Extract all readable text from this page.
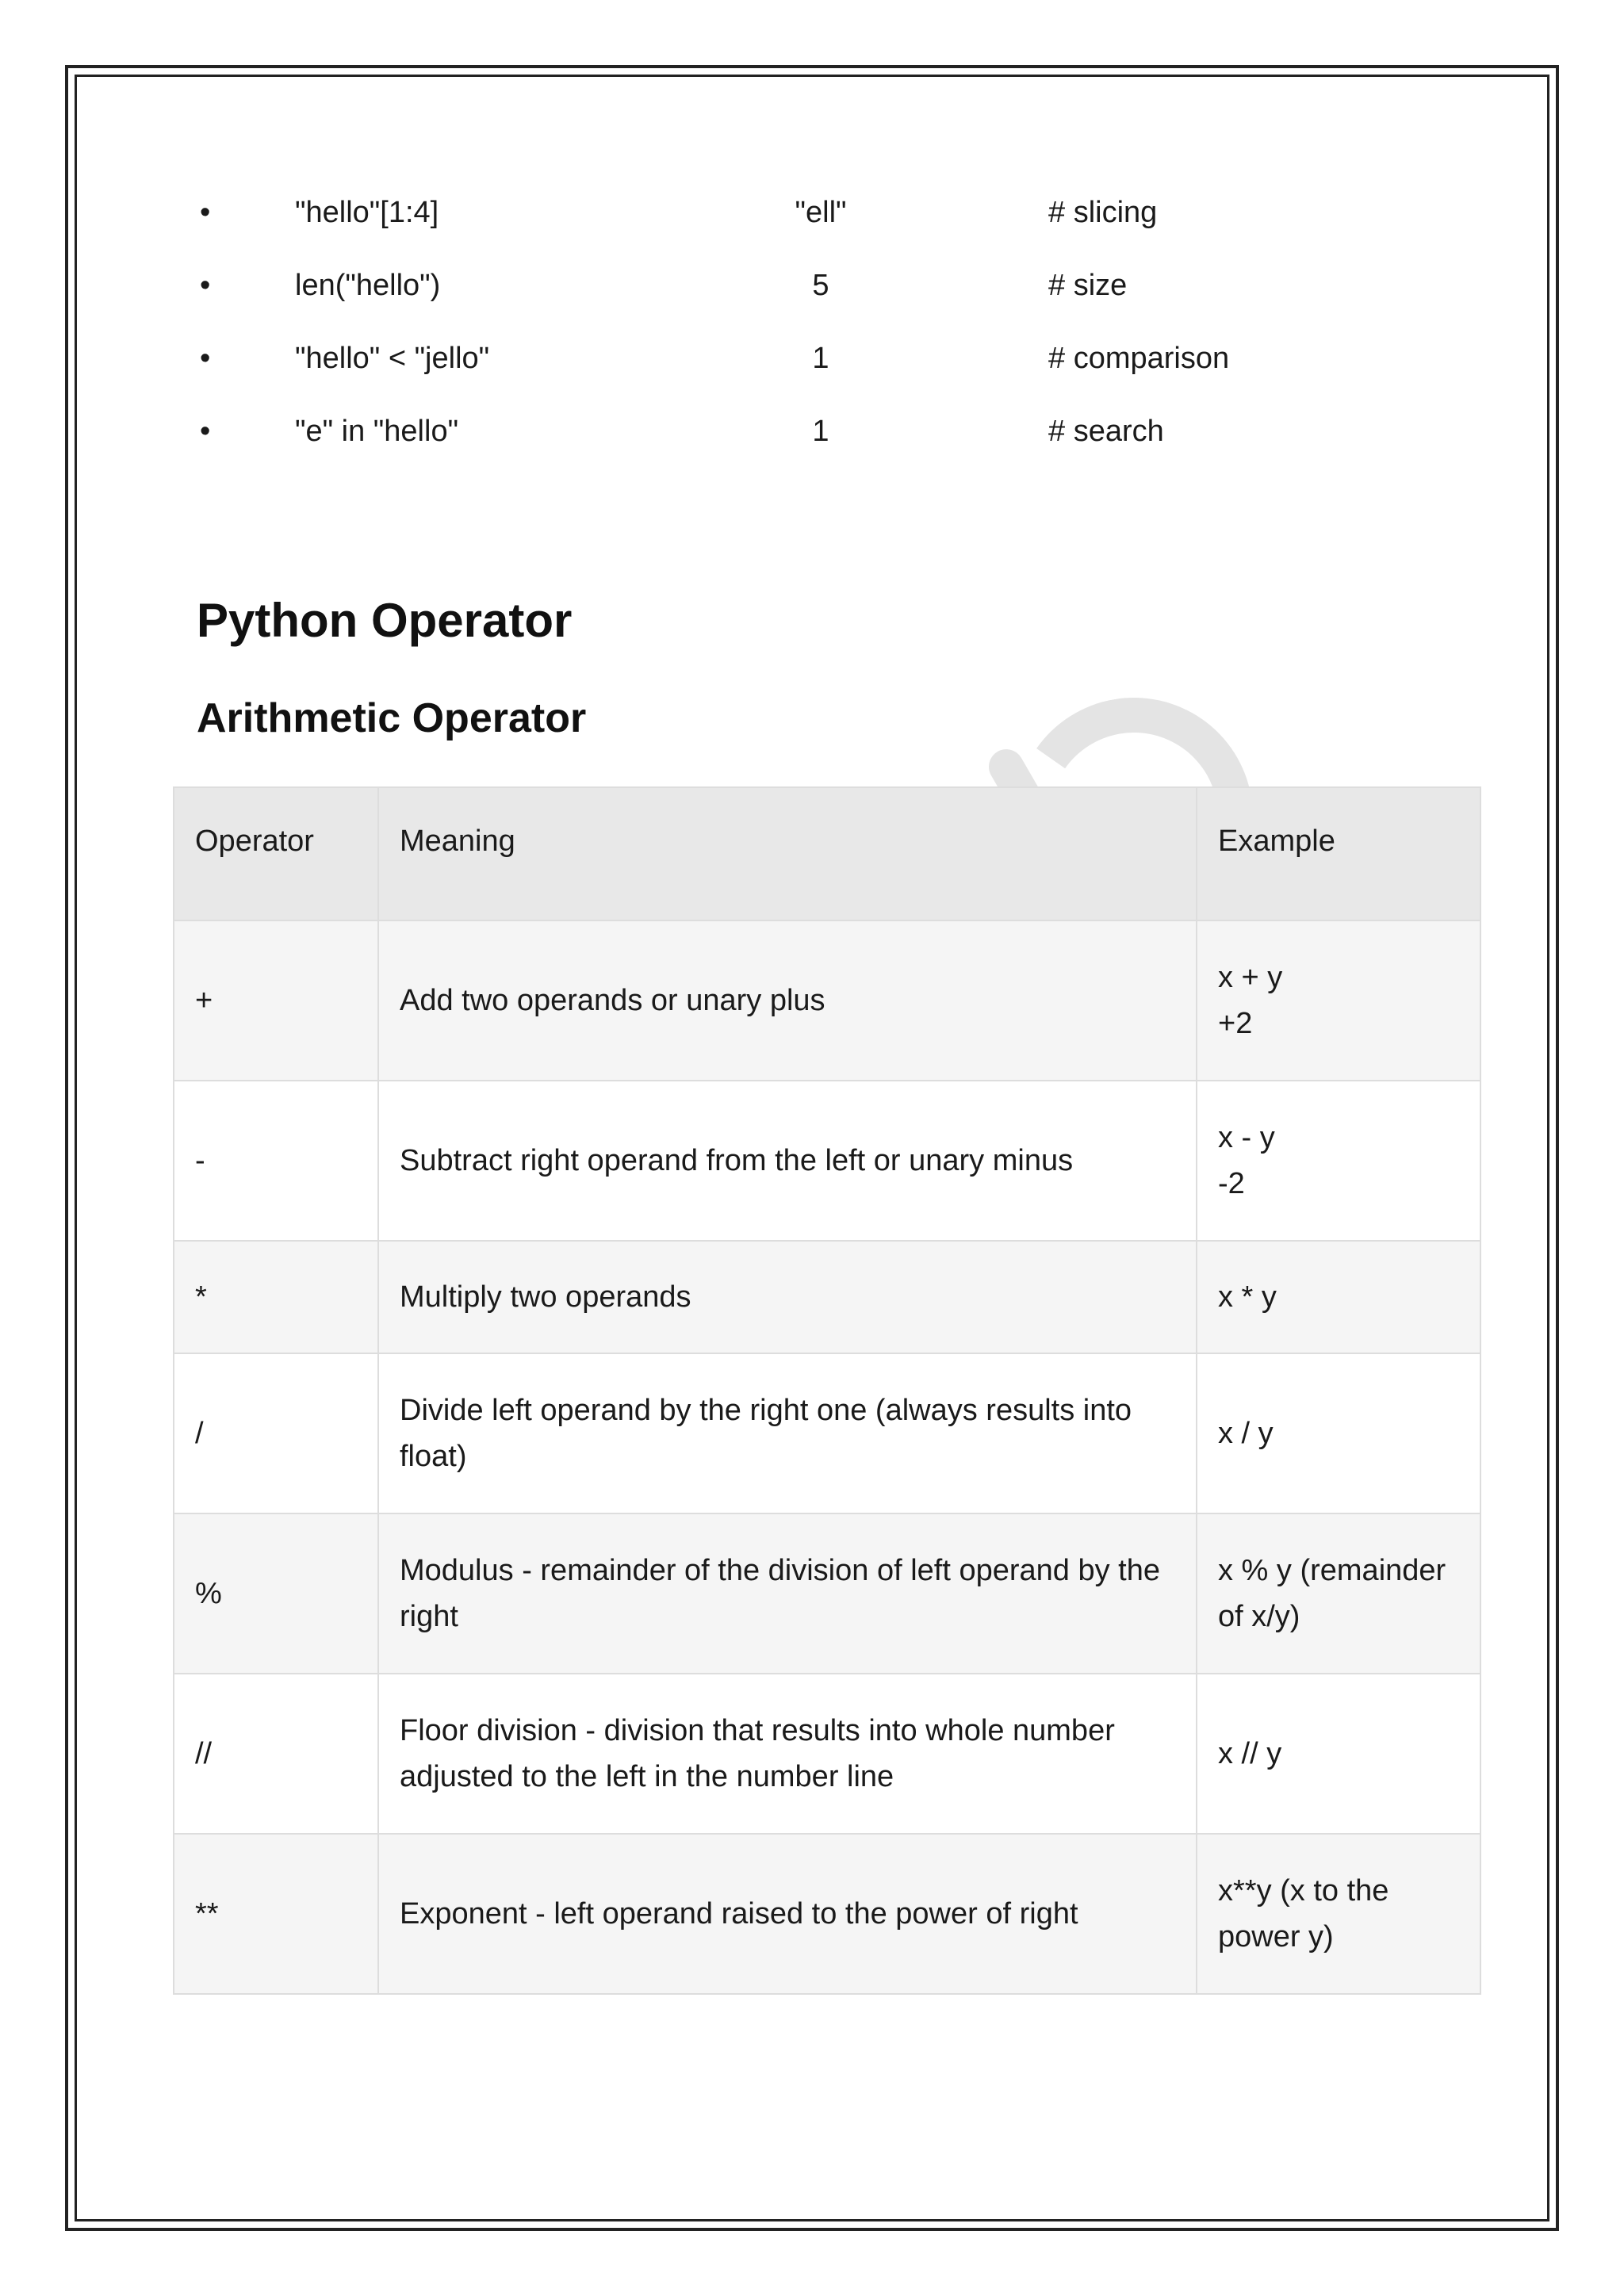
•	"hello"[1:4]	"ell"	# slicing
•	len("hello")	5	# size
•	"hello" < "jello"	1	# comparison
•	"e" in "hello"	1	# search
Python Operator
Arithmetic Operator
Operator	Meaning	Example
+	Add two operands or unary plus	x + y
+2

-	Subtract right operand from the left or unary minus	x - y
-2

*	Multiply two operands	x * y

/	Divide left operand by the right one (always results into float)	x / y

%	Modulus - remainder of the division of left operand by the right	x % y (remainder of x/y)

//	Floor division - division that results into whole number adjusted to the left in the number line	x // y

**	Exponent - left operand raised to the power of right	x**y (x to the power y)
